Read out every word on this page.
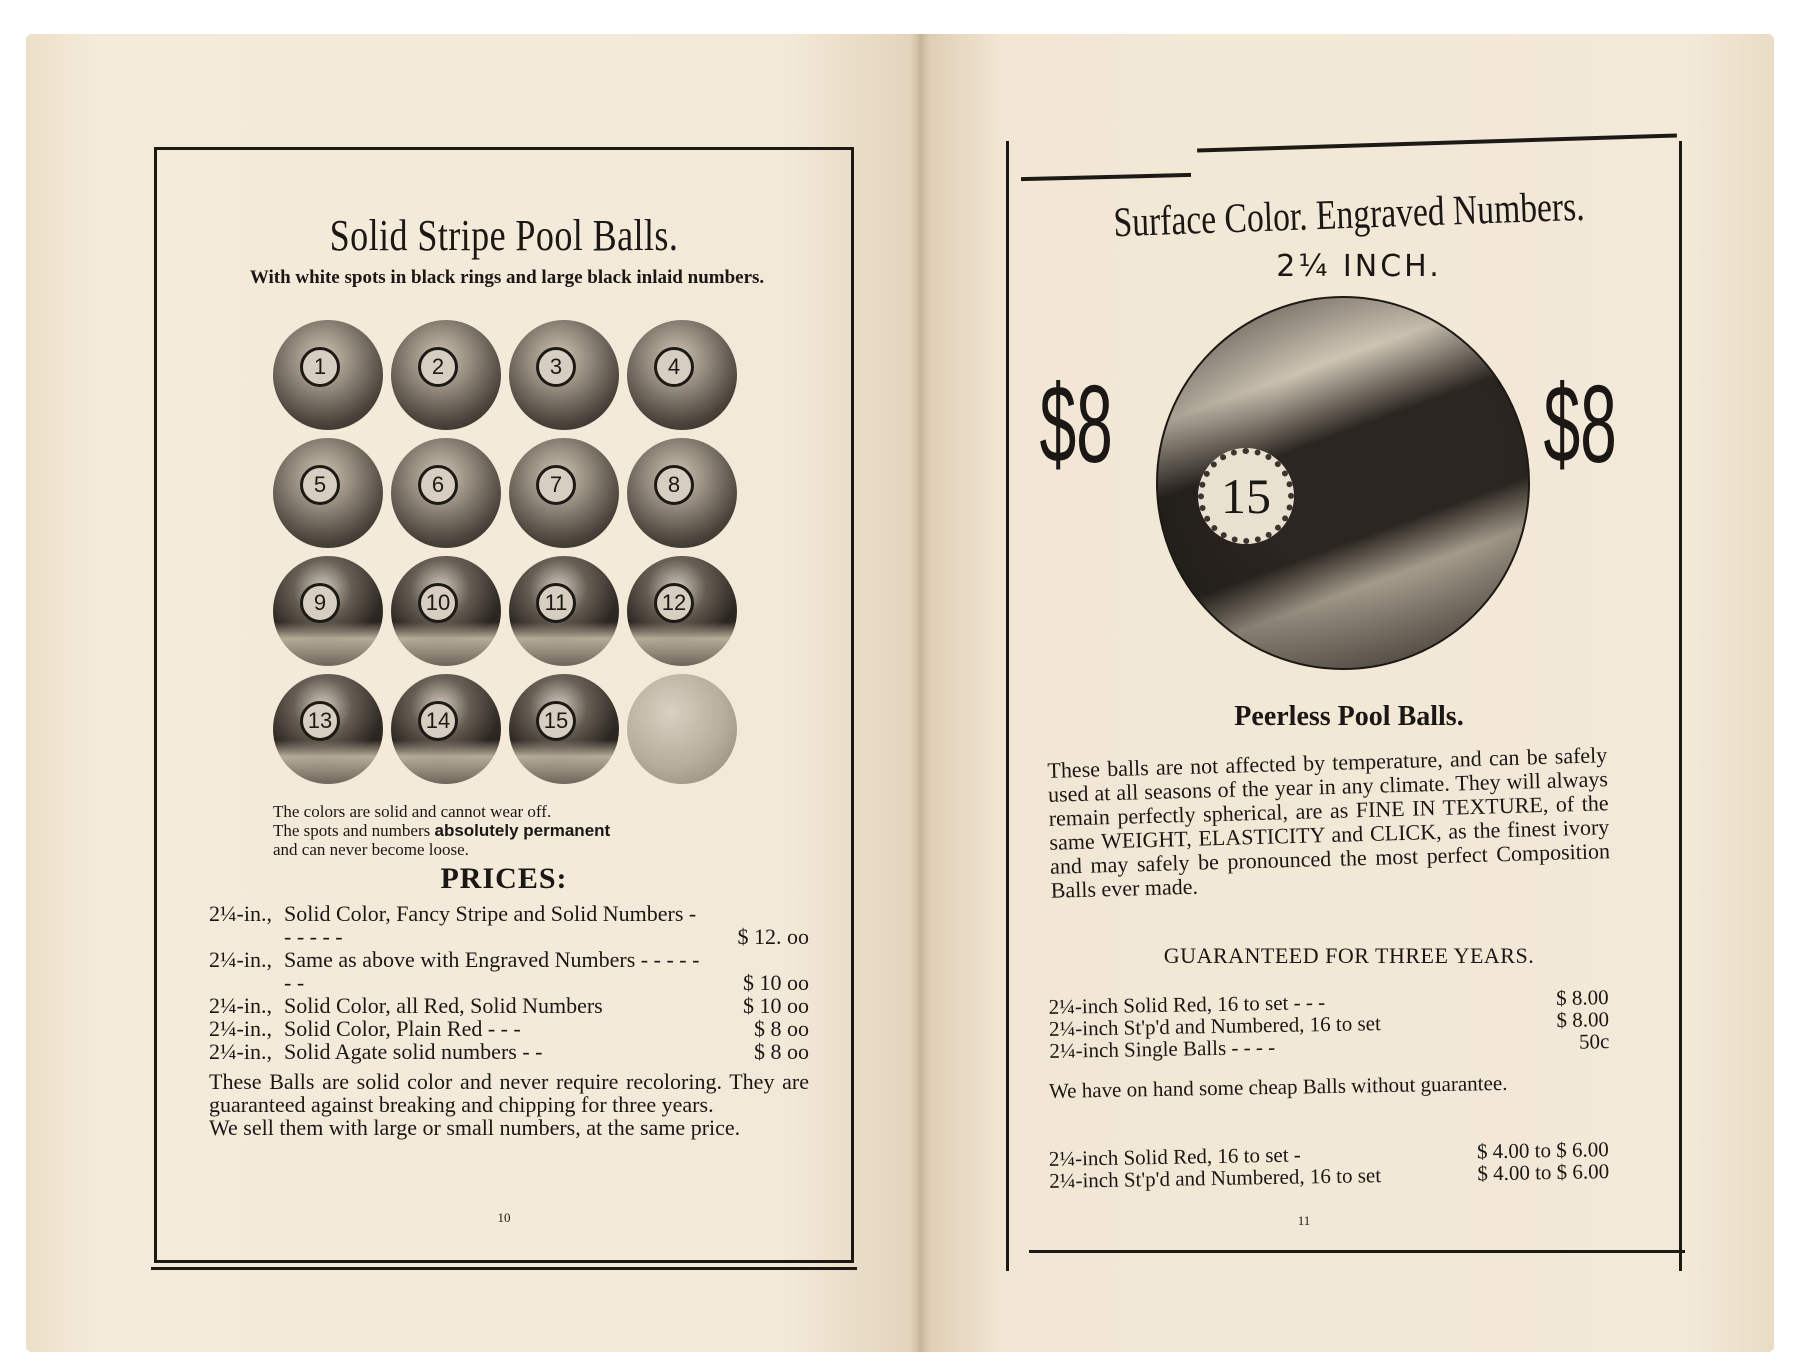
Solid Stripe Pool Balls.
With white spots in black rings and large black inlaid numbers.
1	2	3	4
5	6	7	8
9	10	11	12
13	14	15
The colors are solid and cannot wear off.
The spots and numbers absolutely permanent
and can never become loose.
PRICES:
2¼-in., Solid Color, Fancy Stripe and Solid Numbers - - - - - -	$ 12. oo
2¼-in., Same as above with Engraved Numbers - - - - - - -	$ 10 oo
2¼-in., Solid Color, all Red, Solid Numbers	$ 10 oo
2¼-in., Solid Color, Plain Red - - -	$ 8 oo
2¼-in., Solid Agate solid numbers - -	$ 8 oo
These Balls are solid color and never require recoloring. They are guaranteed against breaking and chipping for three years.
We sell them with large or small numbers, at the same price.
10
Surface Color. Engraved Numbers.
2¼ INCH.
$8	$8
15
Peerless Pool Balls.
These balls are not affected by temperature, and can be safely used at all seasons of the year in any climate. They will always remain perfectly spherical, are as FINE IN TEXTURE, of the same WEIGHT, ELASTICITY and CLICK, as the finest ivory and may safely be pronounced the most perfect Composition Balls ever made.
GUARANTEED FOR THREE YEARS.
2¼-inch Solid Red, 16 to set - - -	$ 8.00
2¼-inch St'p'd and Numbered, 16 to set	$ 8.00
2¼-inch Single Balls - - - -	50c
We have on hand some cheap Balls without guarantee.
2¼-inch Solid Red, 16 to set -	$ 4.00 to $ 6.00
2¼-inch St'p'd and Numbered, 16 to set	$ 4.00 to $ 6.00
11
